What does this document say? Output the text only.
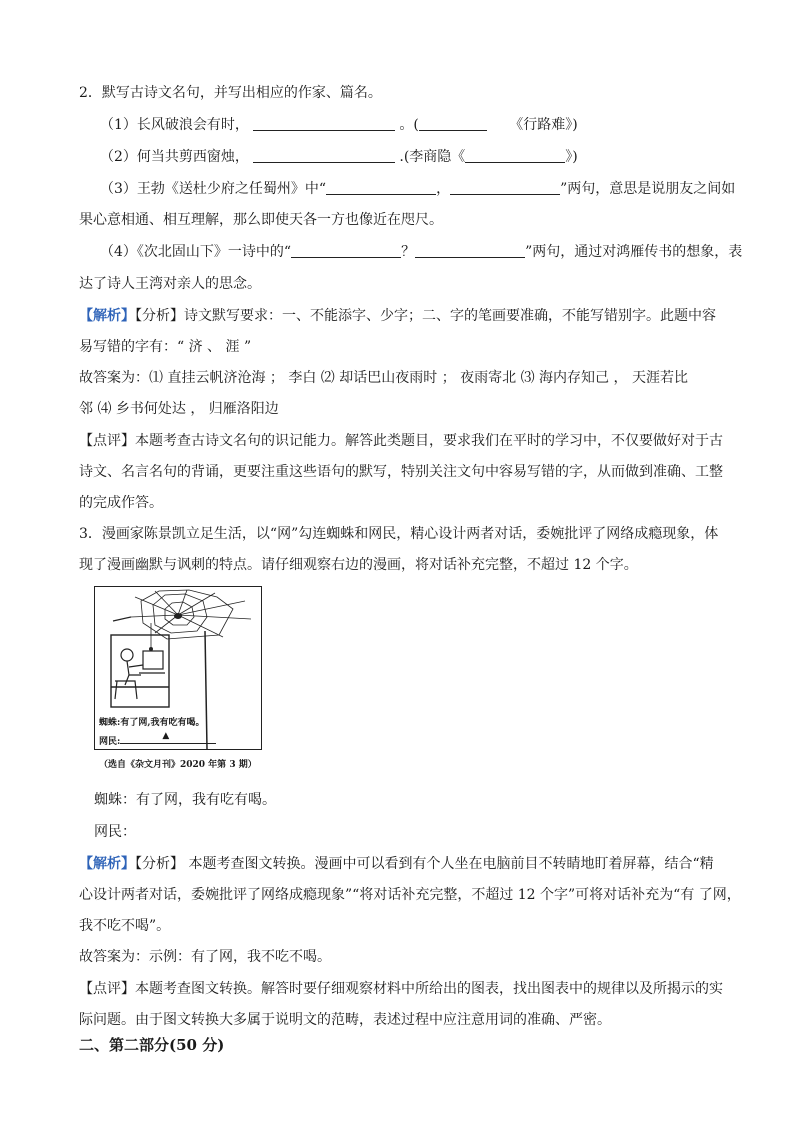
2．默写古诗文名句，并写出相应的作家、篇名。
（1）长风破浪会有时，	。(	《行路难》)
（2）何当共剪西窗烛，	.(李商隐《	》)
（3）王勃《送杜少府之任蜀州》中“	，	”两句，意思是说朋友之间如
果心意相通、相互理解，那么即使天各一方也像近在咫尺。
（4）《次北固山下》一诗中的“	？	”两句，通过对鸿雁传书的想象，表
达了诗人王湾对亲人的思念。
【解析】【分析】诗文默写要求：一、不能添字、少字；二、字的笔画要准确，不能写错别字。此题中容
易写错的字有：“ 济 、 涯 ”
故答案为：⑴ 直挂云帆济沧海 ； 李白 ⑵ 却话巴山夜雨时 ； 夜雨寄北 ⑶ 海内存知己 ， 天涯若比
邻 ⑷ 乡书何处达 ， 归雁洛阳边
【点评】本题考查古诗文名句的识记能力。解答此类题目，要求我们在平时的学习中，不仅要做好对于古
诗文、名言名句的背诵，更要注重这些语句的默写，特别关注文句中容易写错的字，从而做到准确、工整
的完成作答。
3．漫画家陈景凯立足生活，以“网”勾连蜘蛛和网民，精心设计两者对话，委婉批评了网络成瘾现象，体
现了漫画幽默与讽刺的特点。请仔细观察右边的漫画，将对话补充完整，不超过 12 个字。
蜘蛛:有了网,我有吃有喝。
网民:
▲
（选自《杂文月刊》2020 年第 3 期）
蜘蛛：有了网，我有吃有喝。
网民：
【解析】【分析】 本题考查图文转换。漫画中可以看到有个人坐在电脑前目不转睛地盯着屏幕，结合“精
心设计两者对话，委婉批评了网络成瘾现象”“将对话补充完整，不超过 12 个字”可将对话补充为“有 了网，
我不吃不喝”。
故答案为：示例：有了网，我不吃不喝。
【点评】本题考查图文转换。解答时要仔细观察材料中所给出的图表，找出图表中的规律以及所揭示的实
际问题。由于图文转换大多属于说明文的范畴，表述过程中应注意用词的准确、严密。
二、第二部分(50 分)
